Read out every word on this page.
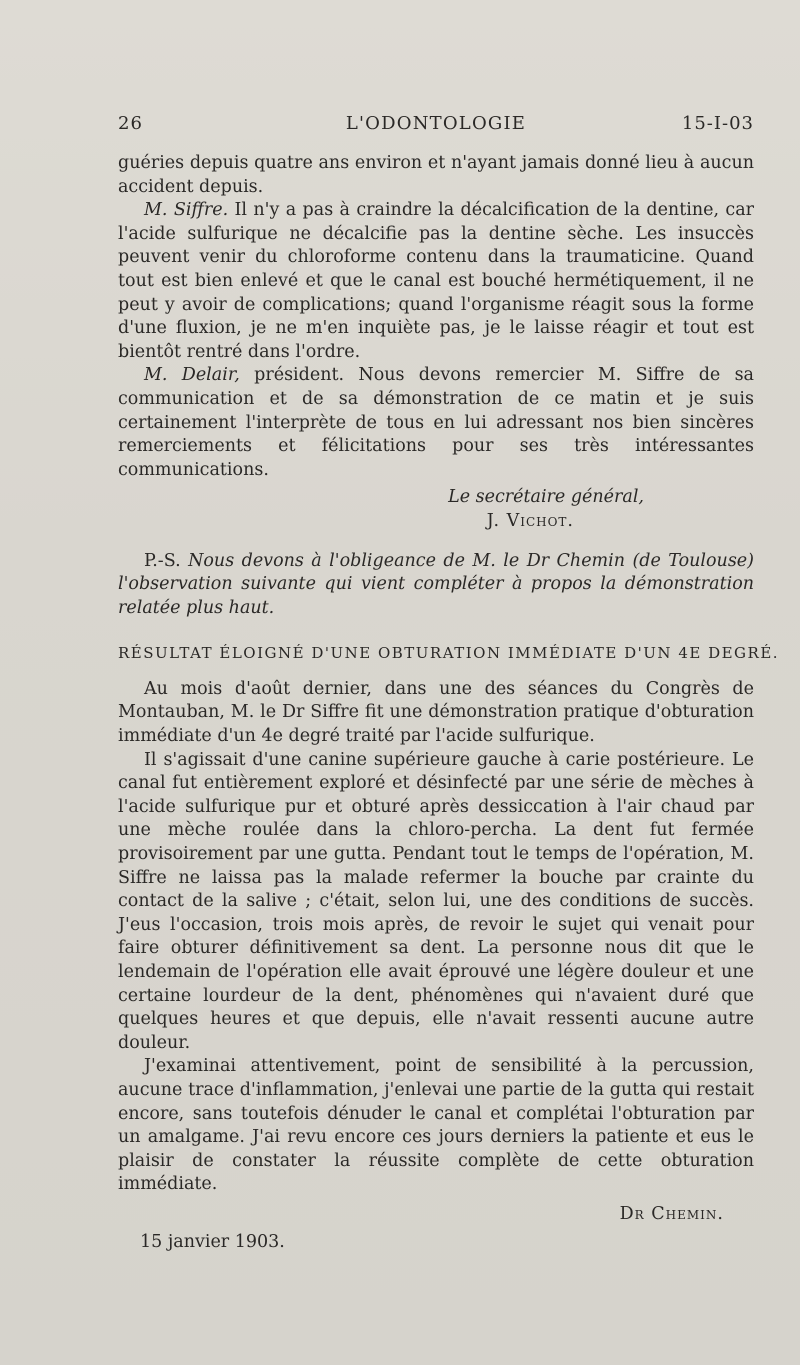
26	L'ODONTOLOGIE	15-I-03

guéries depuis quatre ans environ et n'ayant jamais donné lieu à aucun accident depuis.

M. Siffre. Il n'y a pas à craindre la décalcification de la dentine, car l'acide sulfurique ne décalcifie pas la dentine sèche. Les insuccès peuvent venir du chloroforme contenu dans la traumaticine. Quand tout est bien enlevé et que le canal est bouché hermétiquement, il ne peut y avoir de complications; quand l'organisme réagit sous la forme d'une fluxion, je ne m'en inquiète pas, je le laisse réagir et tout est bientôt rentré dans l'ordre.

M. Delair, président. Nous devons remercier M. Siffre de sa communication et de sa démonstration de ce matin et je suis certainement l'interprète de tous en lui adressant nos bien sincères remerciements et félicitations pour ses très intéressantes communications.

Le secrétaire général,

J. Vichot.

P.-S. Nous devons à l'obligeance de M. le Dr Chemin (de Toulouse) l'observation suivante qui vient compléter à propos la démonstration relatée plus haut.

RÉSULTAT ÉLOIGNÉ D'UNE OBTURATION IMMÉDIATE D'UN 4E DEGRÉ.

Au mois d'août dernier, dans une des séances du Congrès de Montauban, M. le Dr Siffre fit une démonstration pratique d'obturation immédiate d'un 4e degré traité par l'acide sulfurique.

Il s'agissait d'une canine supérieure gauche à carie postérieure. Le canal fut entièrement exploré et désinfecté par une série de mèches à l'acide sulfurique pur et obturé après dessiccation à l'air chaud par une mèche roulée dans la chloro-percha. La dent fut fermée provisoirement par une gutta. Pendant tout le temps de l'opération, M. Siffre ne laissa pas la malade refermer la bouche par crainte du contact de la salive ; c'était, selon lui, une des conditions de succès. J'eus l'occasion, trois mois après, de revoir le sujet qui venait pour faire obturer définitivement sa dent. La personne nous dit que le lendemain de l'opération elle avait éprouvé une légère douleur et une certaine lourdeur de la dent, phénomènes qui n'avaient duré que quelques heures et que depuis, elle n'avait ressenti aucune autre douleur.

J'examinai attentivement, point de sensibilité à la percussion, aucune trace d'inflammation, j'enlevai une partie de la gutta qui restait encore, sans toutefois dénuder le canal et complétai l'obturation par un amalgame. J'ai revu encore ces jours derniers la patiente et eus le plaisir de constater la réussite complète de cette obturation immédiate.

Dr Chemin.

15 janvier 1903.
